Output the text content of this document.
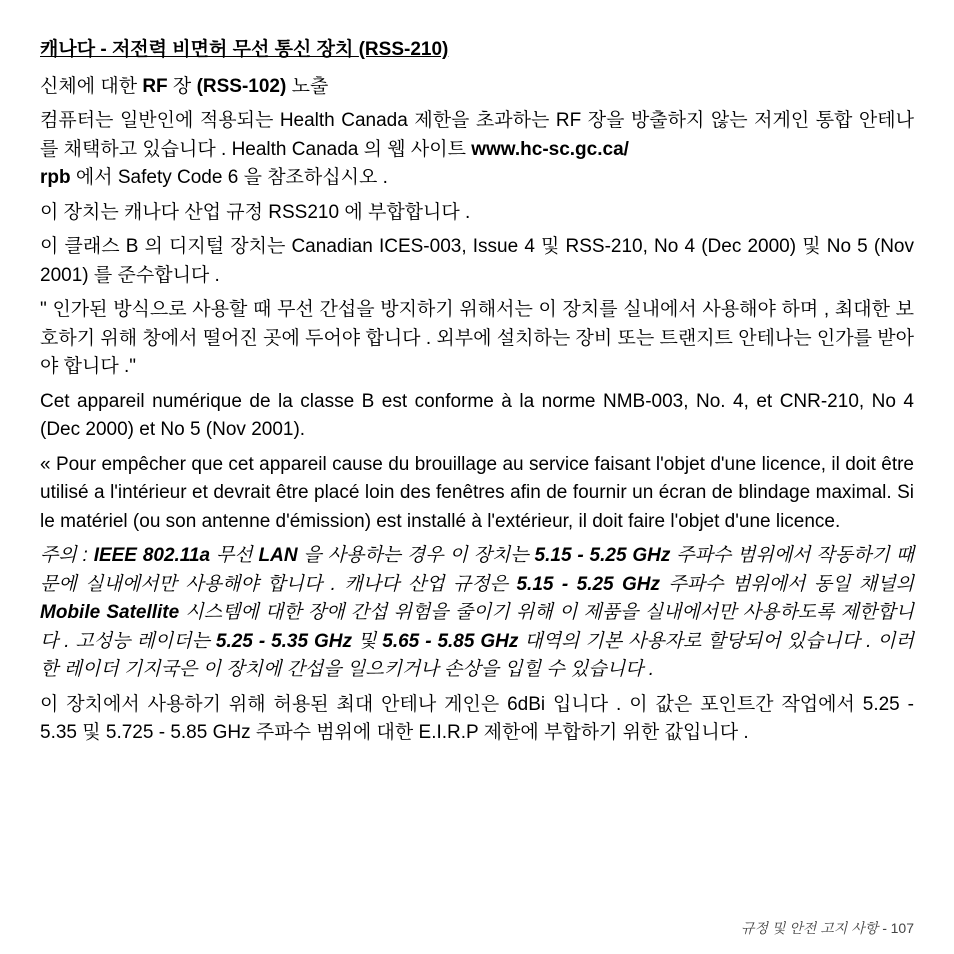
캐나다 - 저전력 비면허 무선 통신 장치 (RSS-210)
신체에 대한 RF 장 (RSS-102) 노출
컴퓨터는 일반인에 적용되는 Health Canada 제한을 초과하는 RF 장을 방출하지 않는 저게인 통합 안테나를 채택하고 있습니다 . Health Canada 의 웹 사이트 www.hc-sc.gc.ca/
rpb 에서 Safety Code 6 을 참조하십시오 .
이 장치는 캐나다 산업 규정 RSS210 에 부합합니다 .
이 클래스 B 의 디지털 장치는 Canadian ICES-003, Issue 4 및 RSS-210, No 4 (Dec 2000) 및 No 5 (Nov 2001) 를 준수합니다 .
" 인가된 방식으로 사용할 때 무선 간섭을 방지하기 위해서는 이 장치를 실내에서 사용해야 하며 , 최대한 보호하기 위해 창에서 떨어진 곳에 두어야 합니다 . 외부에 설치하는 장비 또는 트랜지트 안테나는 인가를 받아야 합니다 ."
Cet appareil numérique de la classe B est conforme à la norme NMB-003, No. 4, et CNR-210, No 4 (Dec 2000) et No 5 (Nov 2001).
« Pour empêcher que cet appareil cause du brouillage au service faisant l'objet d'une licence, il doit être utilisé a l'intérieur et devrait être placé loin des fenêtres afin de fournir un écran de blindage maximal. Si le matériel (ou son antenne d'émission) est installé à l'extérieur, il doit faire l'objet d'une licence.
주의 : IEEE 802.11a 무선 LAN 을 사용하는 경우 이 장치는 5.15 - 5.25 GHz 주파수 범위에서 작동하기 때문에 실내에서만 사용해야 합니다 . 캐나다 산업 규정은 5.15 - 5.25 GHz 주파수 범위에서 동일 채널의 Mobile Satellite 시스템에 대한 장애 간섭 위험을 줄이기 위해 이 제품을 실내에서만 사용하도록 제한합니다 . 고성능 레이더는 5.25 - 5.35 GHz 및 5.65 - 5.85 GHz 대역의 기본 사용자로 할당되어 있습니다 . 이러한 레이더 기지국은 이 장치에 간섭을 일으키거나 손상을 입힐 수 있습니다 .
이 장치에서 사용하기 위해 허용된 최대 안테나 게인은 6dBi 입니다 . 이 값은 포인트간 작업에서 5.25 - 5.35 및 5.725 - 5.85 GHz 주파수 범위에 대한 E.I.R.P 제한에 부합하기 위한 값입니다 .
규정 및 안전 고지 사항 - 107
